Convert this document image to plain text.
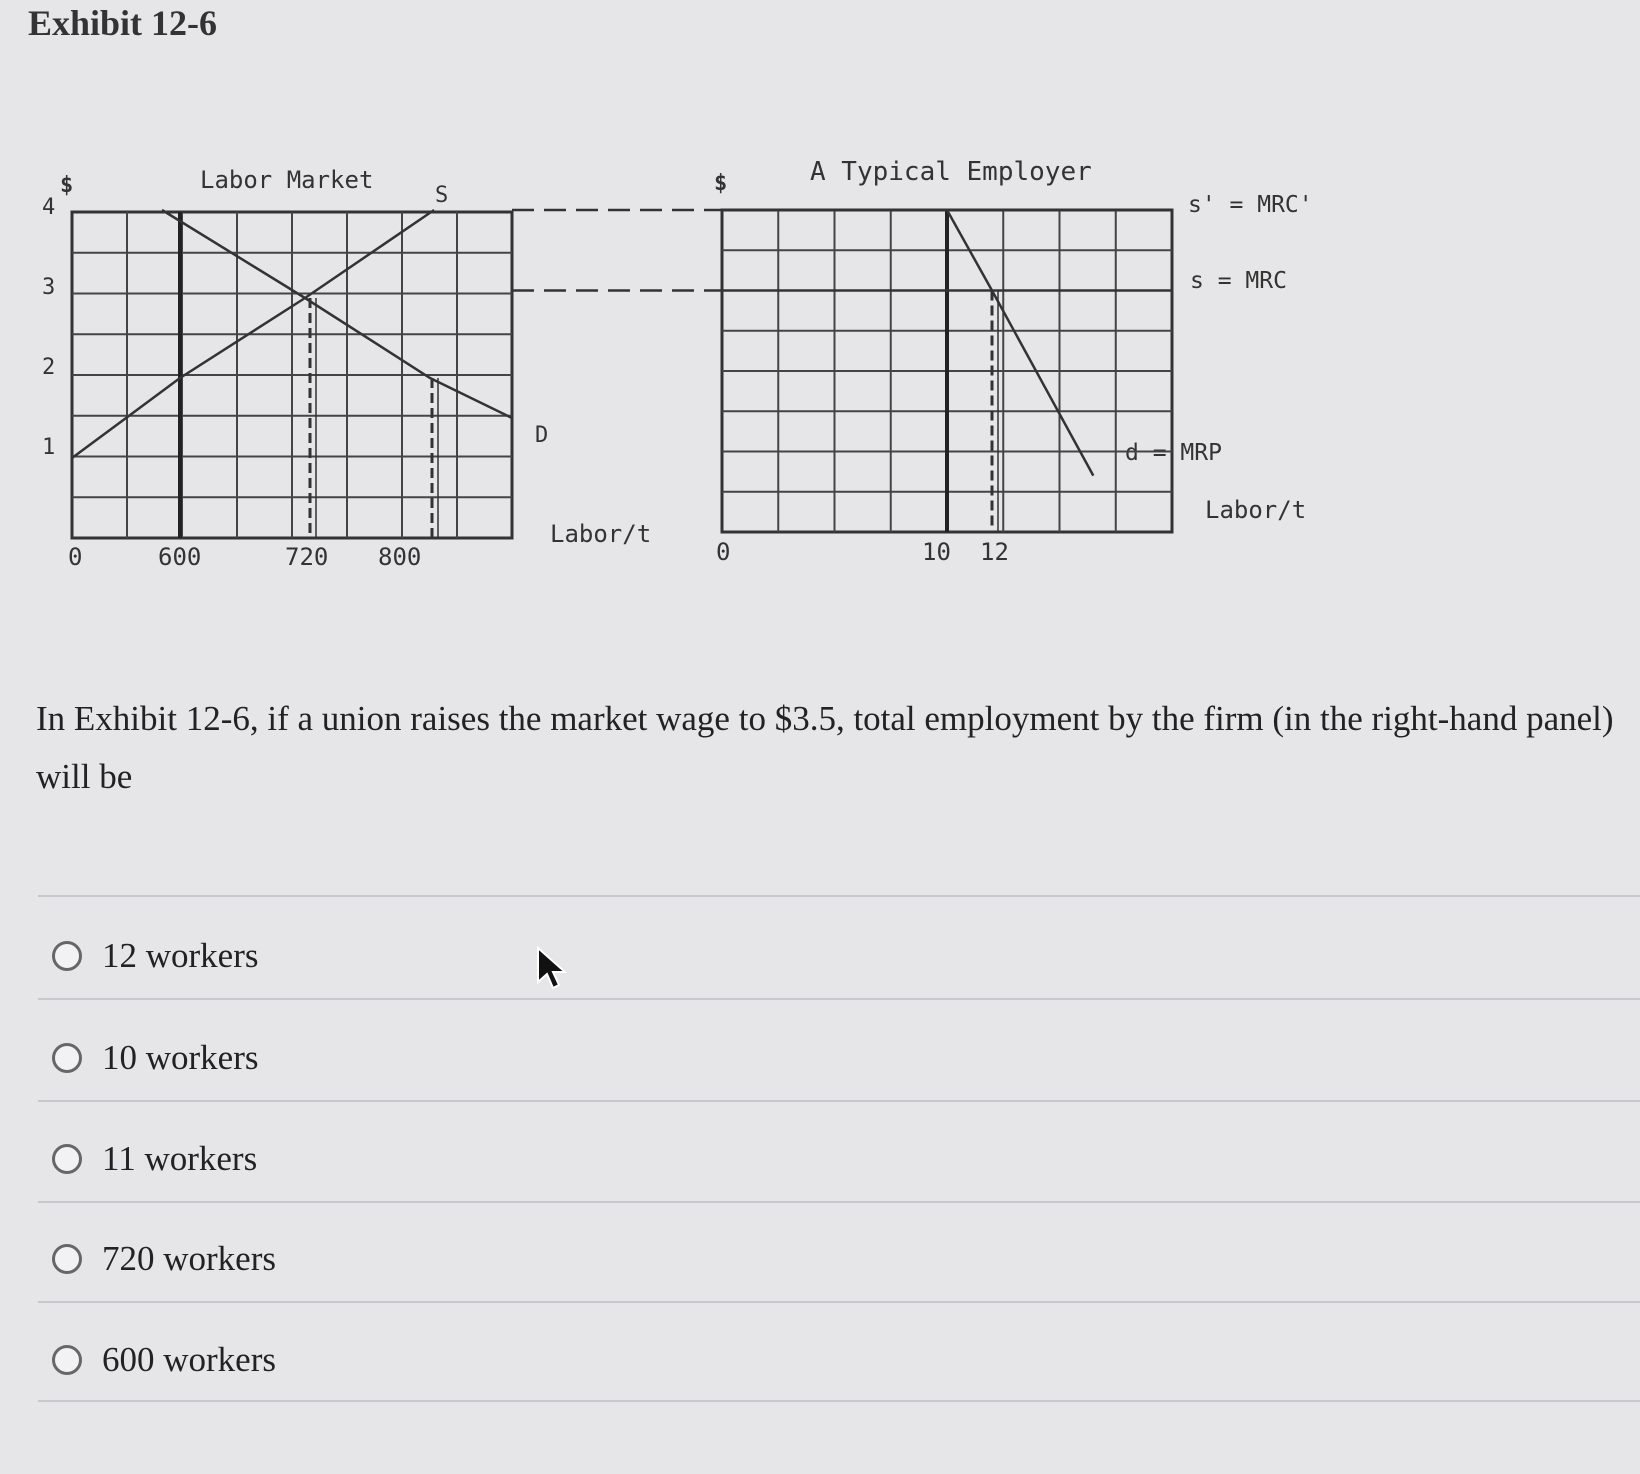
Exhibit 12-6
Labor Market
$	S
D
Labor/t
4
3
2
1
0	600	720 800
A Typical Employer
$
s' = MRC'
s = MRC
d = MRP
Labor/t
0	10 12
In Exhibit 12-6, if a union raises the market wage to $3.5, total employment by the firm (in the right-hand panel) will be
12 workers
10 workers
11 workers
720 workers
600 workers
